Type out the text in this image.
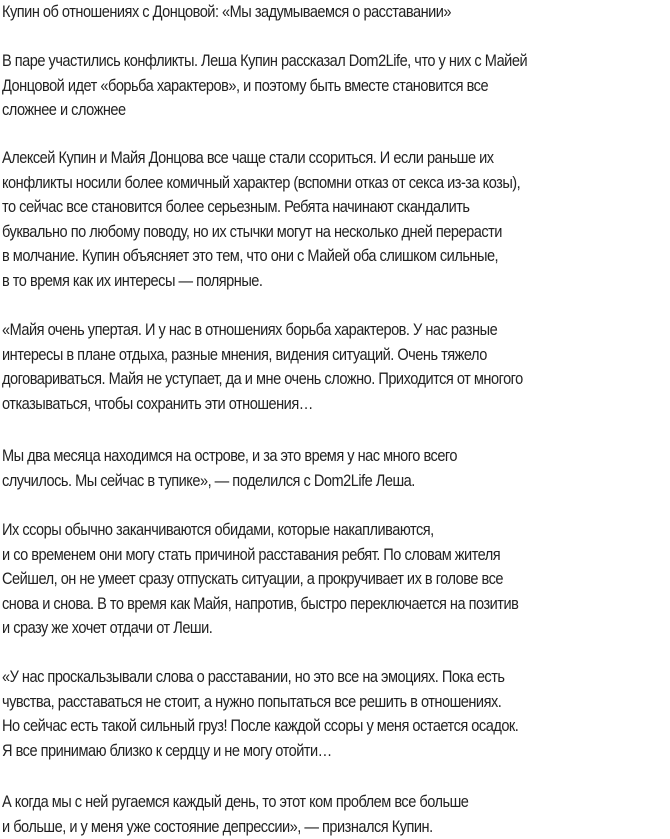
Купин об отношениях с Донцовой: «Мы задумываемся о расставании»

В паре участились конфликты. Леша Купин рассказал Dom2Life, что у них с Майей
Донцовой идет «борьба характеров», и поэтому быть вместе становится все
сложнее и сложнее

Алексей Купин и Майя Донцова все чаще стали ссориться. И если раньше их
конфликты носили более комичный характер (вспомни отказ от секса из-за козы),
то сейчас все становится более серьезным. Ребята начинают скандалить
буквально по любому поводу, но их стычки могут на несколько дней перерасти
в молчание. Купин объясняет это тем, что они с Майей оба слишком сильные,
в то время как их интересы — полярные.

«Майя очень упертая. И у нас в отношениях борьба характеров. У нас разные
интересы в плане отдыха, разные мнения, видения ситуаций. Очень тяжело
договариваться. Майя не уступает, да и мне очень сложно. Приходится от многого
отказываться, чтобы сохранить эти отношения…

Мы два месяца находимся на острове, и за это время у нас много всего
случилось. Мы сейчас в тупике», — поделился с Dom2Life Леша.

Их ссоры обычно заканчиваются обидами, которые накапливаются,
и со временем они могу стать причиной расставания ребят. По словам жителя
Сейшел, он не умеет сразу отпускать ситуации, а прокручивает их в голове все
снова и снова. В то время как Майя, напротив, быстро переключается на позитив
и сразу же хочет отдачи от Леши.

«У нас проскальзывали слова о расставании, но это все на эмоциях. Пока есть
чувства, расставаться не стоит, а нужно попытаться все решить в отношениях.
Но сейчас есть такой сильный груз! После каждой ссоры у меня остается осадок.
Я все принимаю близко к сердцу и не могу отойти…

А когда мы с ней ругаемся каждый день, то этот ком проблем все больше
и больше, и у меня уже состояние депрессии», — признался Купин.
